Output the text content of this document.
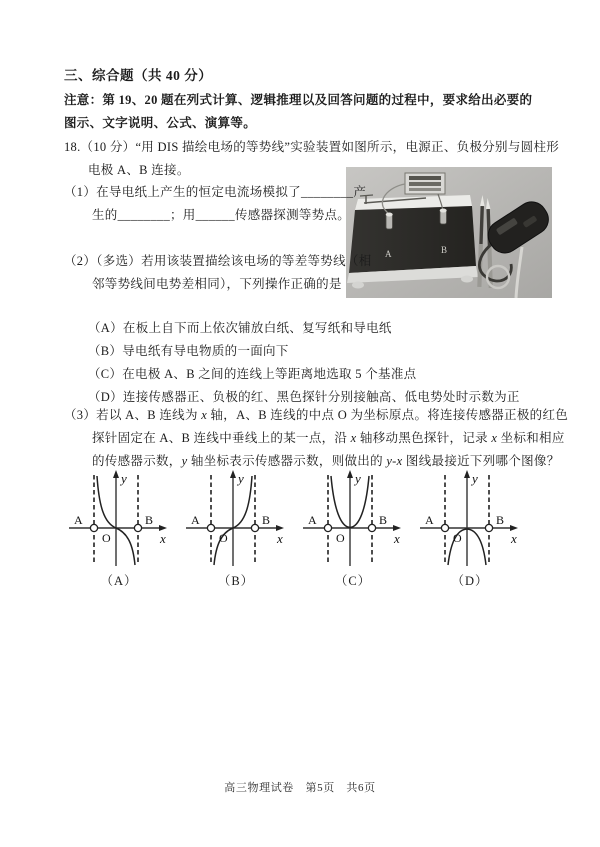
三、综合题（共 40 分）
注意：第 19、20 题在列式计算、逻辑推理以及回答问题的过程中，要求给出必要的图示、文字说明、公式、演算等。
18.（10 分）“用 DIS 描绘电场的等势线”实验装置如图所示，电源正、负极分别与圆柱形电极 A、B 连接。
A	B
（1）在导电纸上产生的恒定电流场模拟了________产生的________；用______传感器探测等势点。
（2）（多选）若用该装置描绘该电场的等差等势线（相邻等势线间电势差相同），下列操作正确的是
（A）在板上自下而上依次铺放白纸、复写纸和导电纸
（B）导电纸有导电物质的一面向下
（C）在电极 A、B 之间的连线上等距离地选取 5 个基准点
（D）连接传感器正、负极的红、黑色探针分别接触高、低电势处时示数为正
（3）若以 A、B 连线为 x 轴，A、B 连线的中点 O 为坐标原点。将连接传感器正极的红色探针固定在 A、B 连线中垂线上的某一点，沿 x 轴移动黑色探针，记录 x 坐标和相应的传感器示数，y 轴坐标表示传感器示数，则做出的 y-x 图线最接近下列哪个图像？
A	B
O
y
x
（A）
A	B
O
y
x
（B）
A	B
O
y
x
（C）
A	B
O
y
x
（D）
高三物理试卷　第5页　共6页
